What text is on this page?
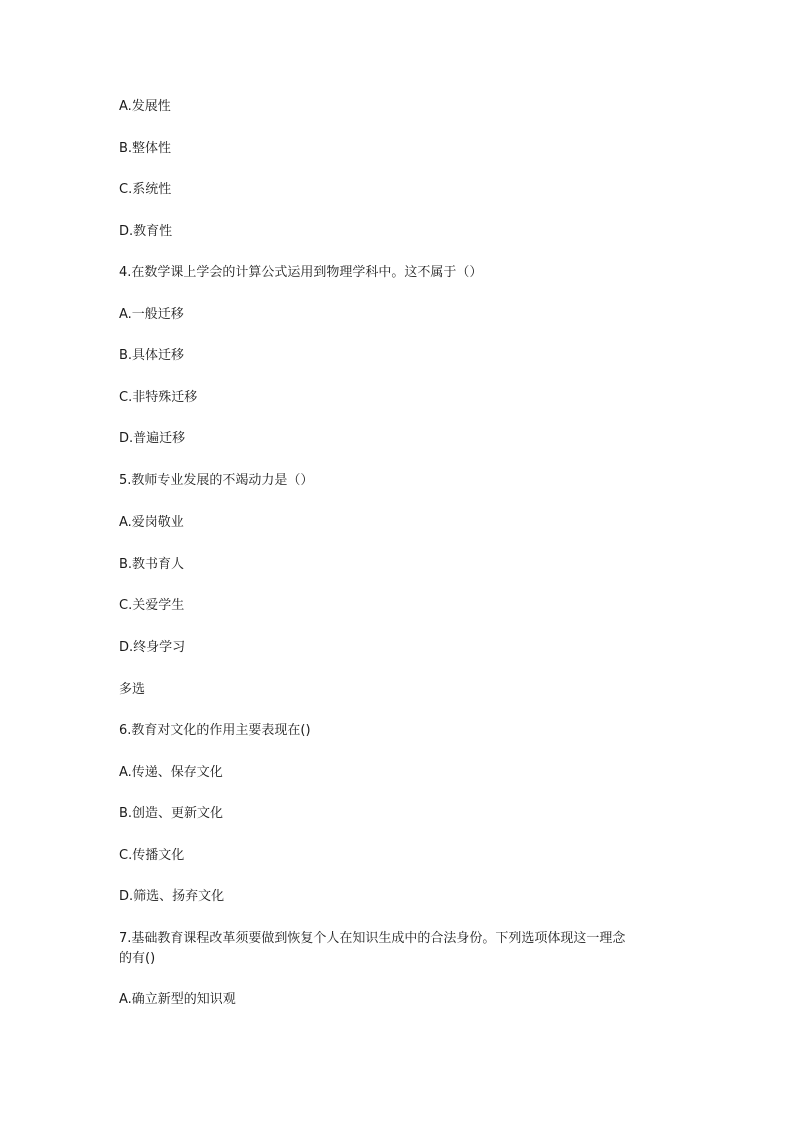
A.发展性
B.整体性
C.系统性
D.教育性
4.在数学课上学会的计算公式运用到物理学科中。这不属于（）
A.一般迁移
B.具体迁移
C.非特殊迁移
D.普遍迁移
5.教师专业发展的不竭动力是（）
A.爱岗敬业
B.教书育人
C.关爱学生
D.终身学习
多选
6.教育对文化的作用主要表现在()
A.传递、保存文化
B.创造、更新文化
C.传播文化
D.筛选、扬弃文化
7.基础教育课程改革须要做到恢复个人在知识生成中的合法身份。下列选项体现这一理念
的有()
A.确立新型的知识观
